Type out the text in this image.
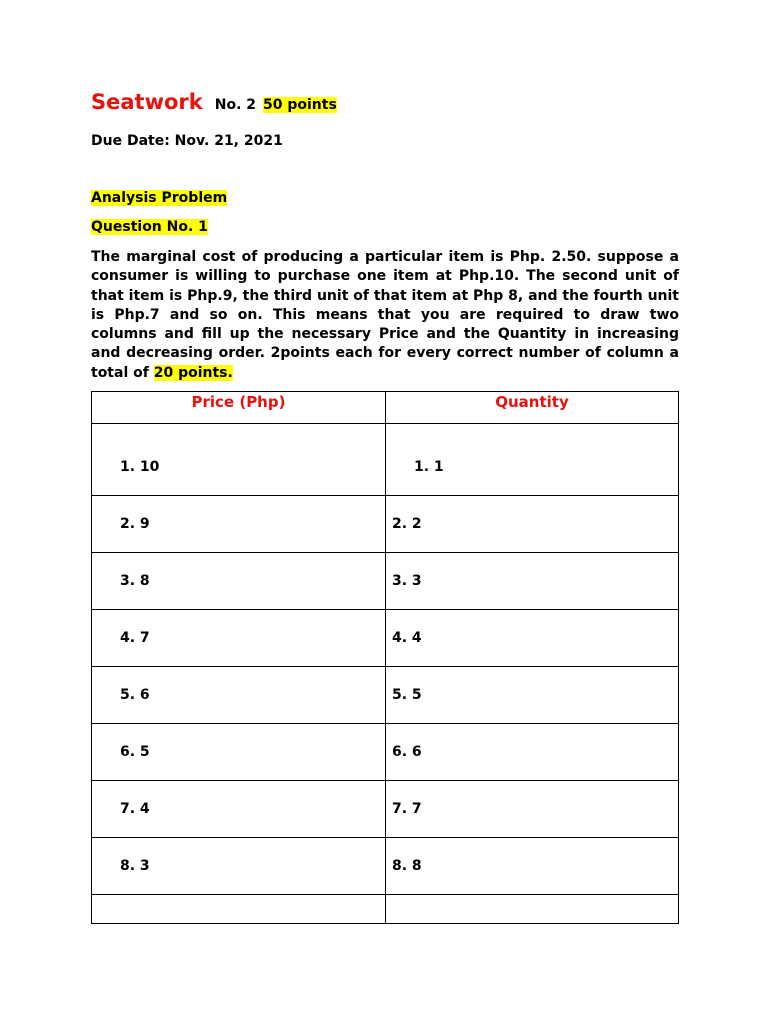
Seatwork No. 2 50 points
Due Date: Nov. 21, 2021
Analysis Problem
Question No. 1

The marginal cost of producing a particular item is Php. 2.50. suppose a consumer is willing to purchase one item at Php.10. The second unit of that item is Php.9, the third unit of that item at Php 8, and the fourth unit is Php.7 and so on. This means that you are required to draw two columns and fill up the necessary Price and the Quantity in increasing and decreasing order. 2points each for every correct number of column a total of 20 points.

Price (Php)	Quantity
1. 10	1. 1
2. 9	2. 2
3. 8	3. 3
4. 7	4. 4
5. 6	5. 5
6. 5	6. 6
7. 4	7. 7
8. 3	8. 8
